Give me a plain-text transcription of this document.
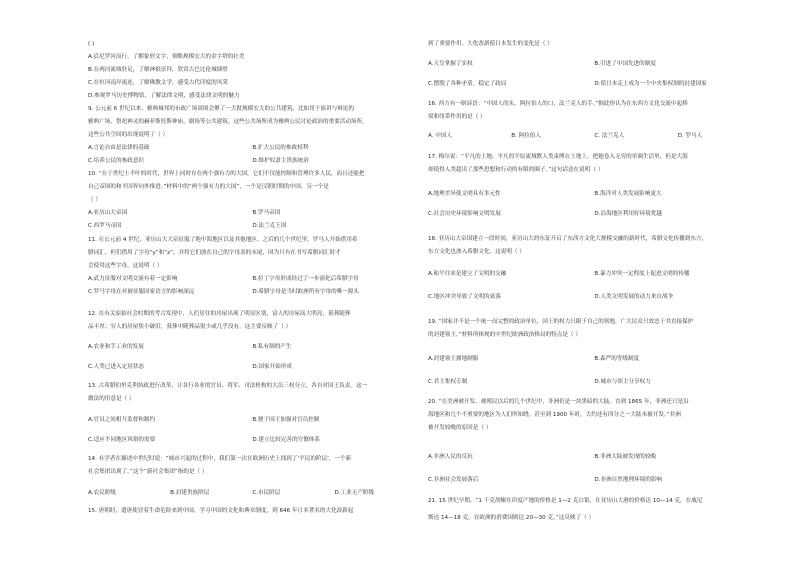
( )
A.沿尼罗河而行，了解象形文字，领略规模宏大的金字塔的壮美
B.在两河流域驻足，了解神祇崇拜，欣赏古巴比伦城墙壁
C.在恒河南岸流连，了解佛教文学，感受古代印度的风采
D.参观罗马历史博物馆，了解法律文明，感受法律文明的魅力
9. 公元前 6 世纪以来，雅典城邦的市政广场周围会聚了一大批规模宏大的公共建筑，比如用于演讲与辩论的
雅典广场、祭祀神灵的赫菲斯托斯神庙、剧场等公共建筑。这些公共场所成为雅典公民讨论政治的重要活动场所，
这些公共空间的出现说明了（ ）
A.言论自由是法律的基础	B.扩大公民的参政权利
C.培养公民的参政意识	D.维护奴隶主贵族统治
10. “在于世纪上半叶的时代，世界上同时存在两个强有力的大国，它们不仅能控制和管理许多人民，而且还能把
自己帝国的和平国界向外推进。”材料中的“两个强有力的大国”，一个是汉朝时期的中国，另一个是
（ ）
A.亚历山大帝国	B.罗马帝国
C.西罗马帝国	D.法兰克王国
11. 在公元前 4 世纪，亚历山大大帝征服了地中海地区以及其他地区。之后的几个世纪里，罗马人开始借用希
腊词汇。但们借用了字母“y”和“z”，并将它们放在自己的字母表的末尾，因为只有在书写希腊词汇时才
会使用这些字母。这说明（ ）
A.武力征服对文明交流有着一定影响	B.拉丁字母形成经过了一步演化后希腊字母
C.罗马字母在对被征服国家语言的影响深远	D.希腊字母是当时欧洲所有字母的唯一源头
12. 在有关原始社会时期的考古发现中，人们居住的房屋出现了明显区别，富人的房屋高大明亮，墓葬随葬
品丰厚；穷人的房屋狭小破旧，墓葬中随葬品很少或几乎没有。这主要反映了（ ）
A.农业和手工业的发展	B.私有制的产生
C.人类已进入定居状态	D.国家开始形成
13. 古希腊伯里克利执政进行改革，让各行各业的官员、将军、司法机构的大员三权分立，各自对国王负责。这一
做法的用意是（ ）
A.官员之间相互监督和制约	B.便于国王加强对官员控制
C.适应不同地区风俗的需要	D.建立比较完善的官僚体系
14. 有学者在描述中世纪时说：“城市兴起的过程中，我们第一次在欧洲历史上找到了‘平民的阶层’，一个新
社会集团出现了。”这个“新社会集团”指的是（ ）
A.农民阶级	B.封建贵族阶层	C.市民阶层	D.工业无产阶级
15. 唐朝时，遣唐使冒着生命危险来到中国，学习中国的文化和典章制度，到 646 年日本著名的大化改新起
到了重要作用。大化改新使日本发生的变化是（ ）
A.天皇掌握了实权	B.引进了中国先进的制度
C.摆脱了各种矛盾，稳定了政局	D.使日本走上成为一个中央集权制的封建国家
16. 西方有一则谚语：“中国人的头，阿拉伯人的口，法兰克人的手。”据此你认为在东西方文化交流中起桥
梁和纽带作用的是（ ）
A. 中国人	B. 阿拉伯人	C. 法兰克人	D. 罗马人
17. 梅尔说：“平凡的土地、平凡的平原流域默人类束缚在土地上，把她卷入无穷的单调生活里，但是大海
却使得人类超出了那些思想和行动的有限的圈子。”这句话意在说明（ ）
A.地理差异使文明具有多元性	B.海洋对人类发展影响更大
C.社会历史环境影响文明发展	D.沿海地区利用好环境优越
18. 亚历山大帝国建立一段时间，亚历山大的东征开启了东西方文化大规模交融的新时代，希腊文化传播到东方，
东方文化也渗入希腊文化。这说明（ ）
A.和平往来是建立了文明的交融	B.暴力冲突一定程度上促进文明的传播
C.地区冲突导致了文明的衰落	D.人类文明发展的动力来自战争
19. “国家并不是一个统一而完整的政治单位，国王的权力只限于自己的领地，广大民众只效忠于其直接保护
的封建领主。”材料所体现的中世纪欧洲政治格局的特点是（ ）
A.封建领主拥地制服	B.森严的等级制度
C.君主集权专制	D.城市与领主分享权力
20. “在美洲被开发、被殖民以后的几个世纪中，非洲仍是一块黑暗的大陆。直到 1865 年，非洲还只是沿
海地区和几个不重要的地区为人们所知晓。甚至到 1900 年时，大约还有四分之一大陆未被开发。”非洲
被开发较晚的原因是（ ）
A.非洲人民的反抗	B.非洲大陆被发现的较晚
C.非洲社会发展落后	D.非洲自然地理环境的影响
21. 15 世纪早期，“1 千克胡椒在印度产地的价格是 1—2 克白银，在亚历山大港的价格达 10—14 克，在威尼
斯达 14—18 克，在欧洲的消费国则达 20—30 克。”这反映了（ ）
